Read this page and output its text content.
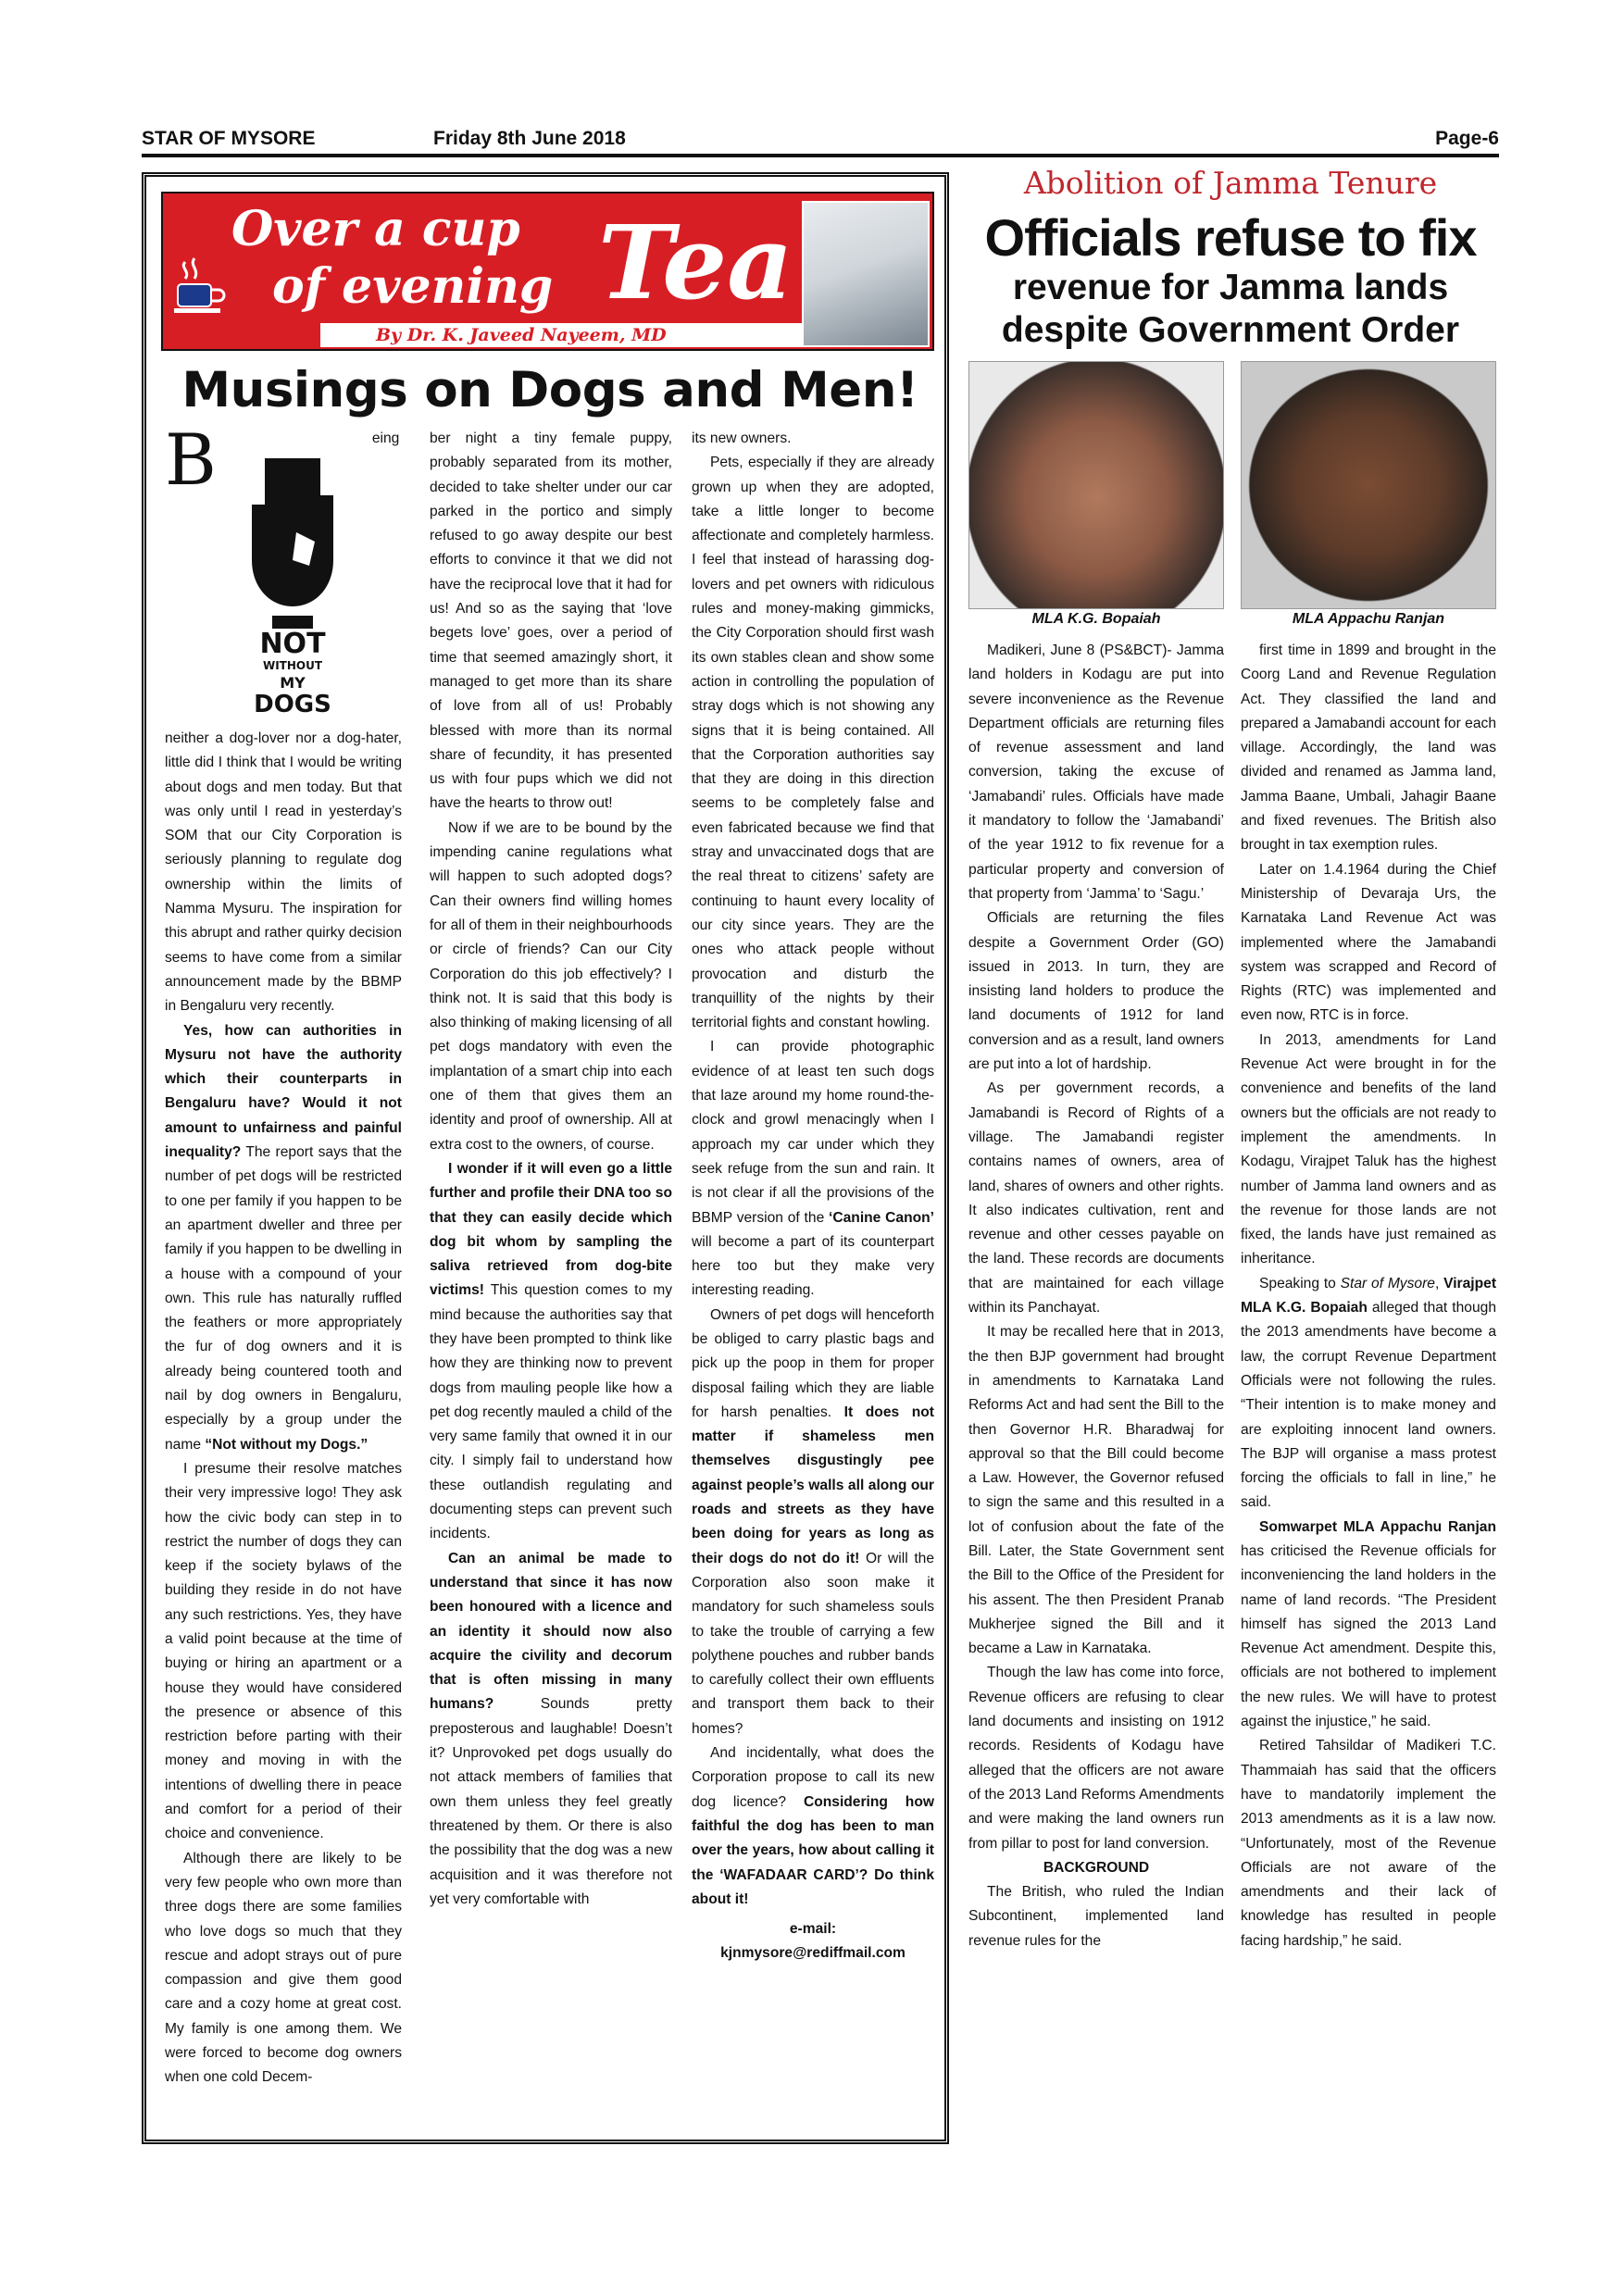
STAR OF MYSORE	Friday 8th June 2018	Page-6
Over a cup
of evening Tea
By Dr. K. Javeed Nayeem, MD
Musings on Dogs and Men!
B

NOT
WITHOUT
MY
DOGS
eing neither a dog-lover nor a dog-hater, little did I think that I would be writing about dogs and men today. But that was only until I read in yesterday’s SOM that our City Corporation is seriously planning to regulate dog ownership within the limits of Namma Mysuru. The inspiration for this abrupt and rather quirky decision seems to have come from a similar announcement made by the BBMP in Bengaluru very recently.

Yes, how can authorities in Mysuru not have the authority which their counterparts in Bengaluru have? Would it not amount to unfairness and painful inequality? The report says that the number of pet dogs will be restricted to one per family if you happen to be an apartment dweller and three per family if you happen to be dwelling in a house with a compound of your own. This rule has naturally ruffled the feathers or more appropriately the fur of dog owners and it is already being countered tooth and nail by dog owners in Bengaluru, especially by a group under the name “Not without my Dogs.”

I presume their resolve matches their very impressive logo! They ask how the civic body can step in to restrict the number of dogs they can keep if the society bylaws of the building they reside in do not have any such restrictions. Yes, they have a valid point because at the time of buying or hiring an apartment or a house they would have considered the presence or absence of this restriction before parting with their money and moving in with the intentions of dwelling there in peace and comfort for a period of their choice and convenience.

Although there are likely to be very few people who own more than three dogs there are some families who love dogs so much that they rescue and adopt strays out of pure compassion and give them good care and a cozy home at great cost. My family is one among them. We were forced to become dog owners when one cold Decem-

ber night a tiny female puppy, probably separated from its mother, decided to take shelter under our car parked in the portico and simply refused to go away despite our best efforts to convince it that we did not have the reciprocal love that it had for us! And so as the saying that ‘love begets love’ goes, over a period of time that seemed amazingly short, it managed to get more than its share of love from all of us! Probably blessed with more than its normal share of fecundity, it has presented us with four pups which we did not have the hearts to throw out!

Now if we are to be bound by the impending canine regulations what will happen to such adopted dogs? Can their owners find willing homes for all of them in their neighbourhoods or circle of friends? Can our City Corporation do this job effectively? I think not. It is said that this body is also thinking of making licensing of all pet dogs mandatory with even the implantation of a smart chip into each one of them that gives them an identity and proof of ownership. All at extra cost to the owners, of course.

I wonder if it will even go a little further and profile their DNA too so that they can easily decide which dog bit whom by sampling the saliva retrieved from dog-bite victims! This question comes to my mind because the authorities say that they have been prompted to think like how they are thinking now to prevent dogs from mauling people like how a pet dog recently mauled a child of the very same family that owned it in our city. I simply fail to understand how these outlandish regulating and documenting steps can prevent such incidents.

Can an animal be made to understand that since it has now been honoured with a licence and an identity it should now also acquire the civility and decorum that is often missing in many humans? Sounds pretty preposterous and laughable! Doesn’t it? Unprovoked pet dogs usually do not attack members of families that own them unless they feel greatly threatened by them. Or there is also the possibility that the dog was a new acquisition and it was therefore not yet very comfortable with

its new owners.

Pets, especially if they are already grown up when they are adopted, take a little longer to become affectionate and completely harmless. I feel that instead of harassing dog-lovers and pet owners with ridiculous rules and money-making gimmicks, the City Corporation should first wash its own stables clean and show some action in controlling the population of stray dogs which is not showing any signs that it is being contained. All that the Corporation authorities say that they are doing in this direction seems to be completely false and even fabricated because we find that stray and unvaccinated dogs that are the real threat to citizens’ safety are continuing to haunt every locality of our city since years. They are the ones who attack people without provocation and disturb the tranquillity of the nights by their territorial fights and constant howling.

I can provide photographic evidence of at least ten such dogs that laze around my home round-the-clock and growl menacingly when I approach my car under which they seek refuge from the sun and rain. It is not clear if all the provisions of the BBMP version of the ‘Canine Canon’ will become a part of its counterpart here too but they make very interesting reading.

Owners of pet dogs will henceforth be obliged to carry plastic bags and pick up the poop in them for proper disposal failing which they are liable for harsh penalties. It does not matter if shameless men themselves disgustingly pee against people’s walls all along our roads and streets as they have been doing for years as long as their dogs do not do it! Or will the Corporation also soon make it mandatory for such shameless souls to take the trouble of carrying a few polythene pouches and rubber bands to carefully collect their own effluents and transport them back to their homes?

And incidentally, what does the Corporation propose to call its new dog licence? Considering how faithful the dog has been to man over the years, how about calling it the ‘WAFADAAR CARD’? Do think about it!

e-mail:
kjnmysore@rediffmail.com
Abolition of Jamma Tenure
Officials refuse to fix
revenue for Jamma lands despite Government Order
MLA K.G. Bopaiah	MLA Appachu Ranjan

Madikeri, June 8 (PS&BCT)- Jamma land holders in Kodagu are put into severe inconvenience as the Revenue Department officials are returning files of revenue assessment and land conversion, taking the excuse of ‘Jamabandi’ rules. Officials have made it mandatory to follow the ‘Jamabandi’ of the year 1912 to fix revenue for a particular property and conversion of that property from ‘Jamma’ to ‘Sagu.’

Officials are returning the files despite a Government Order (GO) issued in 2013. In turn, they are insisting land holders to produce the land documents of 1912 for land conversion and as a result, land owners are put into a lot of hardship.

As per government records, a Jamabandi is Record of Rights of a village. The Jamabandi register contains names of owners, area of land, shares of owners and other rights. It also indicates cultivation, rent and revenue and other cesses payable on the land. These records are documents that are maintained for each village within its Panchayat.

It may be recalled here that in 2013, the then BJP government had brought in amendments to Karnataka Land Reforms Act and had sent the Bill to the then Governor H.R. Bharadwaj for approval so that the Bill could become a Law. However, the Governor refused to sign the same and this resulted in a lot of confusion about the fate of the Bill. Later, the State Government sent the Bill to the Office of the President for his assent. The then President Pranab Mukherjee signed the Bill and it became a Law in Karnataka.

Though the law has come into force, Revenue officers are refusing to clear land documents and insisting on 1912 records. Residents of Kodagu have alleged that the officers are not aware of the 2013 Land Reforms Amendments and were making the land owners run from pillar to post for land conversion.

BACKGROUND

The British, who ruled the Indian Subcontinent, implemented land revenue rules for the

first time in 1899 and brought in the Coorg Land and Revenue Regulation Act. They classified the land and prepared a Jamabandi account for each village. Accordingly, the land was divided and renamed as Jamma land, Jamma Baane, Umbali, Jahagir Baane and fixed revenues. The British also brought in tax exemption rules.

Later on 1.4.1964 during the Chief Ministership of Devaraja Urs, the Karnataka Land Revenue Act was implemented where the Jamabandi system was scrapped and Record of Rights (RTC) was implemented and even now, RTC is in force.

In 2013, amendments for Land Revenue Act were brought in for the convenience and benefits of the land owners but the officials are not ready to implement the amendments. In Kodagu, Virajpet Taluk has the highest number of Jamma land owners and as the revenue for those lands are not fixed, the lands have just remained as inheritance.

Speaking to Star of Mysore, Virajpet MLA K.G. Bopaiah alleged that though the 2013 amendments have become a law, the corrupt Revenue Department Officials were not following the rules. “Their intention is to make money and are exploiting innocent land owners. The BJP will organise a mass protest forcing the officials to fall in line,” he said.

Somwarpet MLA Appachu Ranjan has criticised the Revenue officials for inconveniencing the land holders in the name of land records. “The President himself has signed the 2013 Land Revenue Act amendment. Despite this, officials are not bothered to implement the new rules. We will have to protest against the injustice,” he said.

Retired Tahsildar of Madikeri T.C. Thammaiah has said that the officers have to mandatorily implement the 2013 amendments as it is a law now. “Unfortunately, most of the Revenue Officials are not aware of the amendments and their lack of knowledge has resulted in people facing hardship,” he said.
